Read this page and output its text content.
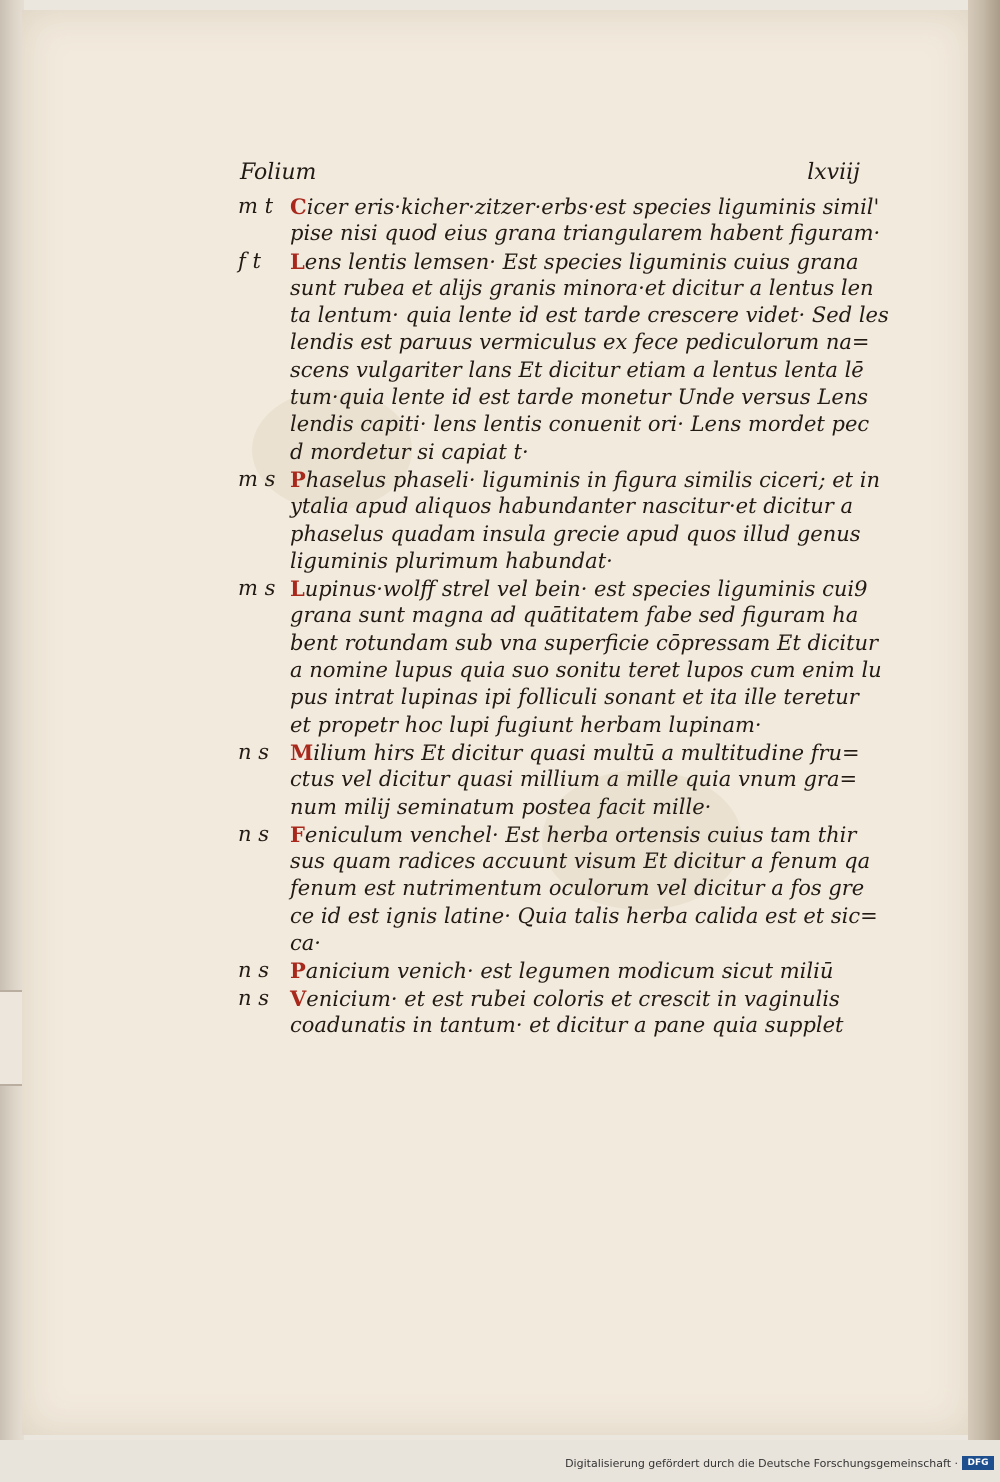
Folium	lxviij
m t Cicer eris·kicher·zitzer·erbs·est species liguminis simil'
pise nisi quod eius grana triangularem habent figuram·
f t	Lens lentis lemsen· Est species liguminis cuius grana
sunt rubea et alijs granis minora·et dicitur a lentus len
ta lentum· quia lente id est tarde crescere videt· Sed les
lendis est paruus vermiculus ex fece pediculorum na=
scens vulgariter lans Et dicitur etiam a lentus lenta lē
tum·quia lente id est tarde monetur Unde versus Lens
lendis capiti· lens lentis conuenit ori· Lens mordet pec
d mordetur si capiat t·
m s Phaselus phaseli· liguminis in figura similis ciceri; et in
ytalia apud aliquos habundanter nascitur·et dicitur a
phaselus quadam insula grecie apud quos illud genus
liguminis plurimum habundat·
m s Lupinus·wolff strel vel bein· est species liguminis cui9
grana sunt magna ad quātitatem fabe sed figuram ha
bent rotundam sub vna superficie cōpressam Et dicitur
a nomine lupus quia suo sonitu teret lupos cum enim lu
pus intrat lupinas ipi folliculi sonant et ita ille teretur
et propetr hoc lupi fugiunt herbam lupinam·
n s	Milium hirs Et dicitur quasi multū a multitudine fru=
ctus vel dicitur quasi millium a mille quia vnum gra=
num milij seminatum postea facit mille·
n s	Feniculum venchel· Est herba ortensis cuius tam thir
sus quam radices accuunt visum Et dicitur a fenum qa
fenum est nutrimentum oculorum vel dicitur a fos gre
ce id est ignis latine· Quia talis herba calida est et sic=
ca·
n s	Panicium venich· est legumen modicum sicut miliū
n s	Venicium· et est rubei coloris et crescit in vaginulis
coadunatis in tantum· et dicitur a pane quia supplet
Digitalisierung gefördert durch die Deutsche Forschungsgemeinschaft ·	DFG
